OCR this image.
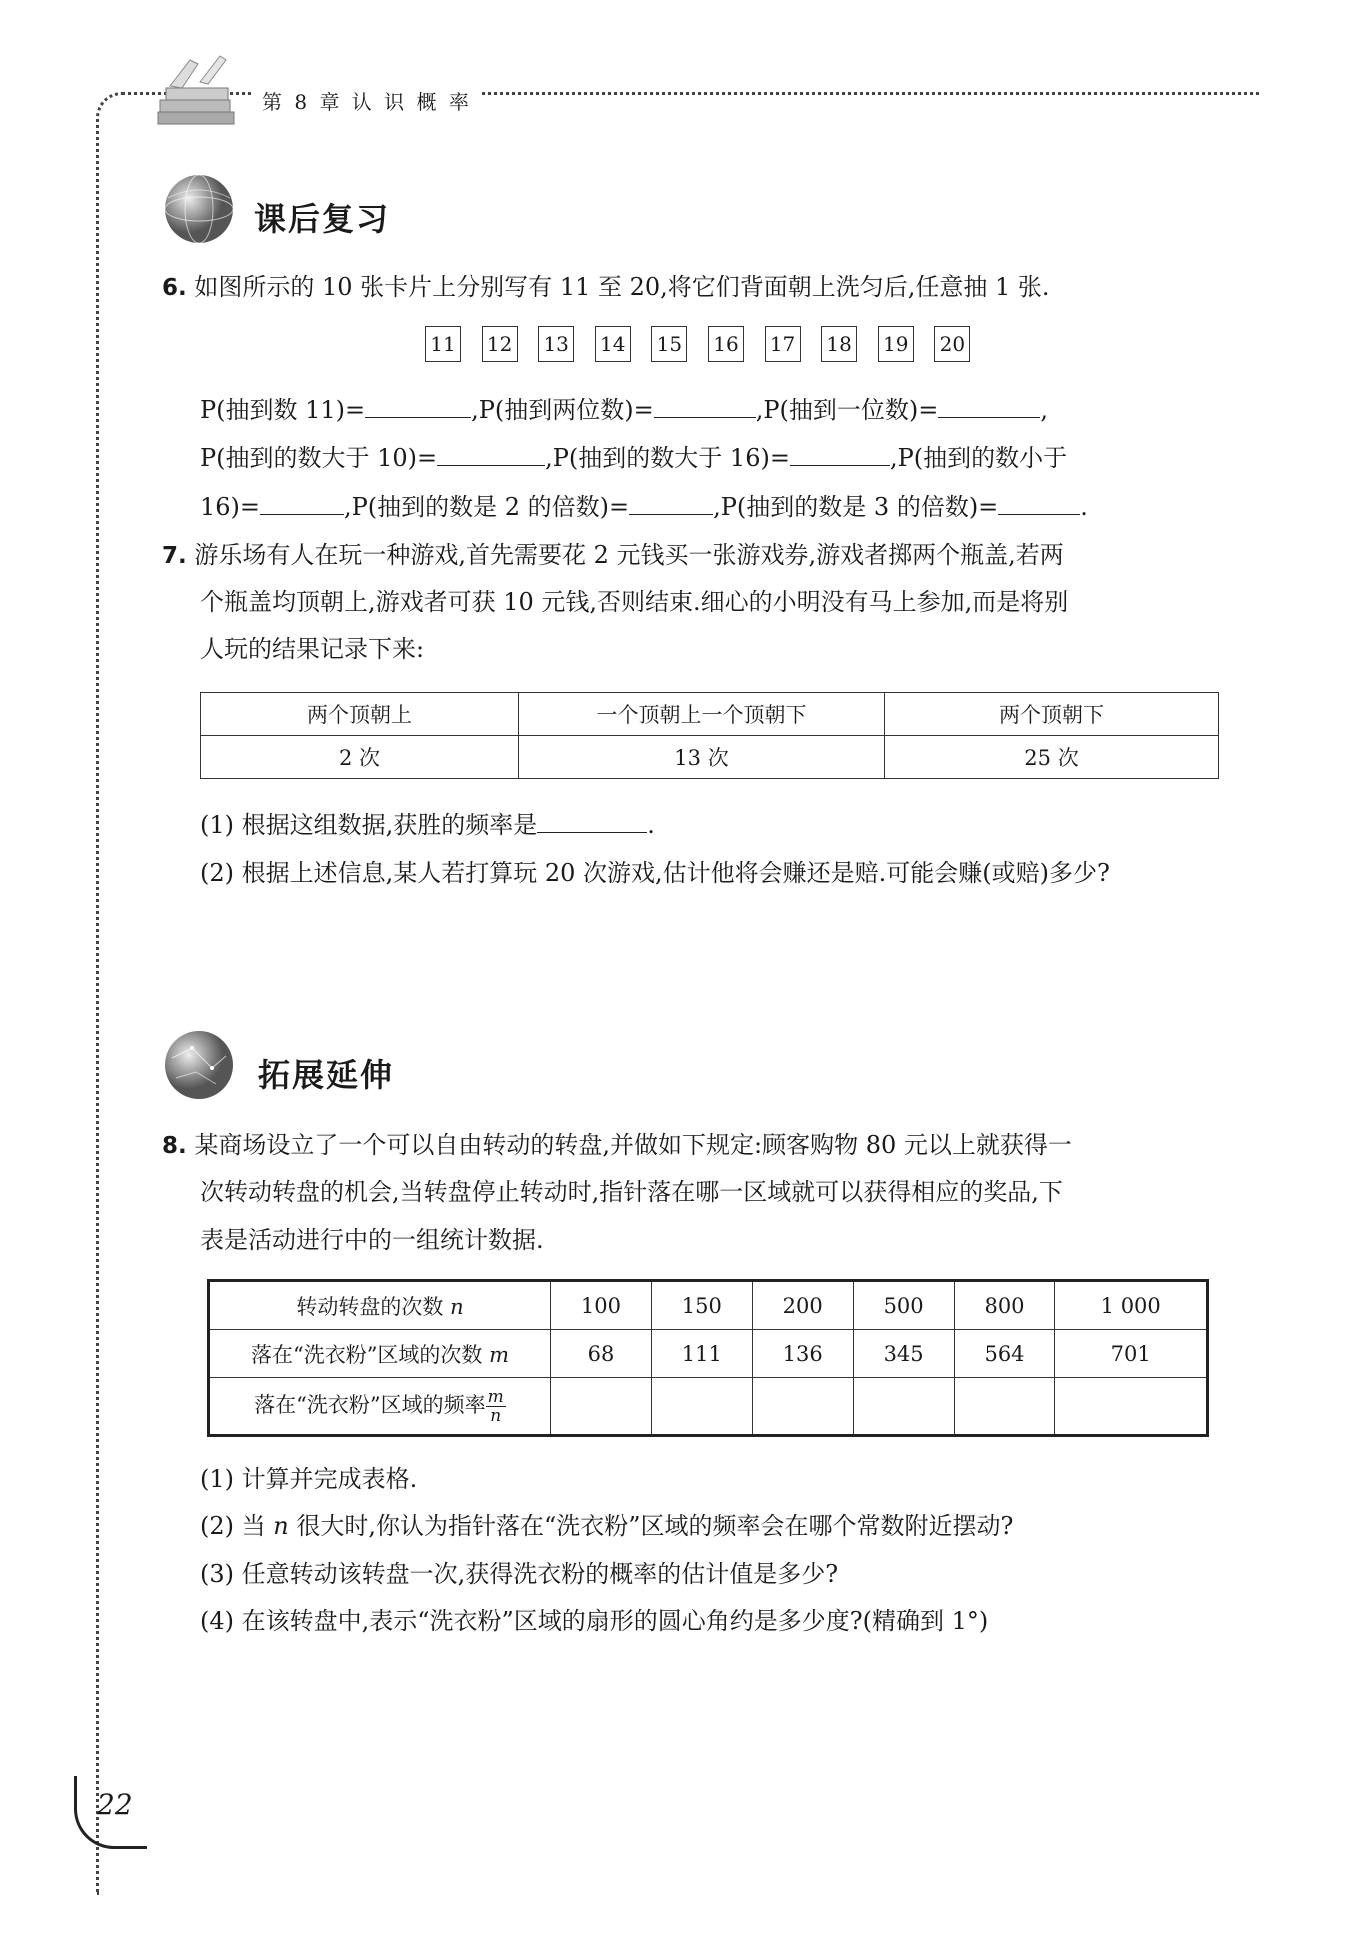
第 8 章 认 识 概 率
课后复习
6. 如图所示的 10 张卡片上分别写有 11 至 20,将它们背面朝上洗匀后,任意抽 1 张.
11 12 13 14 15 16 17 18 19 20
P(抽到数 11)=	,P(抽到两位数)=	,P(抽到一位数)=	,
P(抽到的数大于 10)=	,P(抽到的数大于 16)=	,P(抽到的数小于
16)=	,P(抽到的数是 2 的倍数)=	,P(抽到的数是 3 的倍数)=	.
7. 游乐场有人在玩一种游戏,首先需要花 2 元钱买一张游戏券,游戏者掷两个瓶盖,若两
个瓶盖均顶朝上,游戏者可获 10 元钱,否则结束.细心的小明没有马上参加,而是将别
人玩的结果记录下来:
两个顶朝上	一个顶朝上一个顶朝下	两个顶朝下
2 次	13 次	25 次
(1) 根据这组数据,获胜的频率是	.
(2) 根据上述信息,某人若打算玩 20 次游戏,估计他将会赚还是赔.可能会赚(或赔)多少?
拓展延伸
8. 某商场设立了一个可以自由转动的转盘,并做如下规定:顾客购物 80 元以上就获得一
次转动转盘的机会,当转盘停止转动时,指针落在哪一区域就可以获得相应的奖品,下
表是活动进行中的一组统计数据.
转动转盘的次数 n	100	150	200	500	800	1 000
落在“洗衣粉”区域的次数 m	68	111	136	345	564	701
落在“洗衣粉”区域的频率 $\frac{m}{n}$

(1) 计算并完成表格.
(2) 当 n 很大时,你认为指针落在“洗衣粉”区域的频率会在哪个常数附近摆动?
(3) 任意转动该转盘一次,获得洗衣粉的概率的估计值是多少?
(4) 在该转盘中,表示“洗衣粉”区域的扇形的圆心角约是多少度?(精确到 1°)
22
